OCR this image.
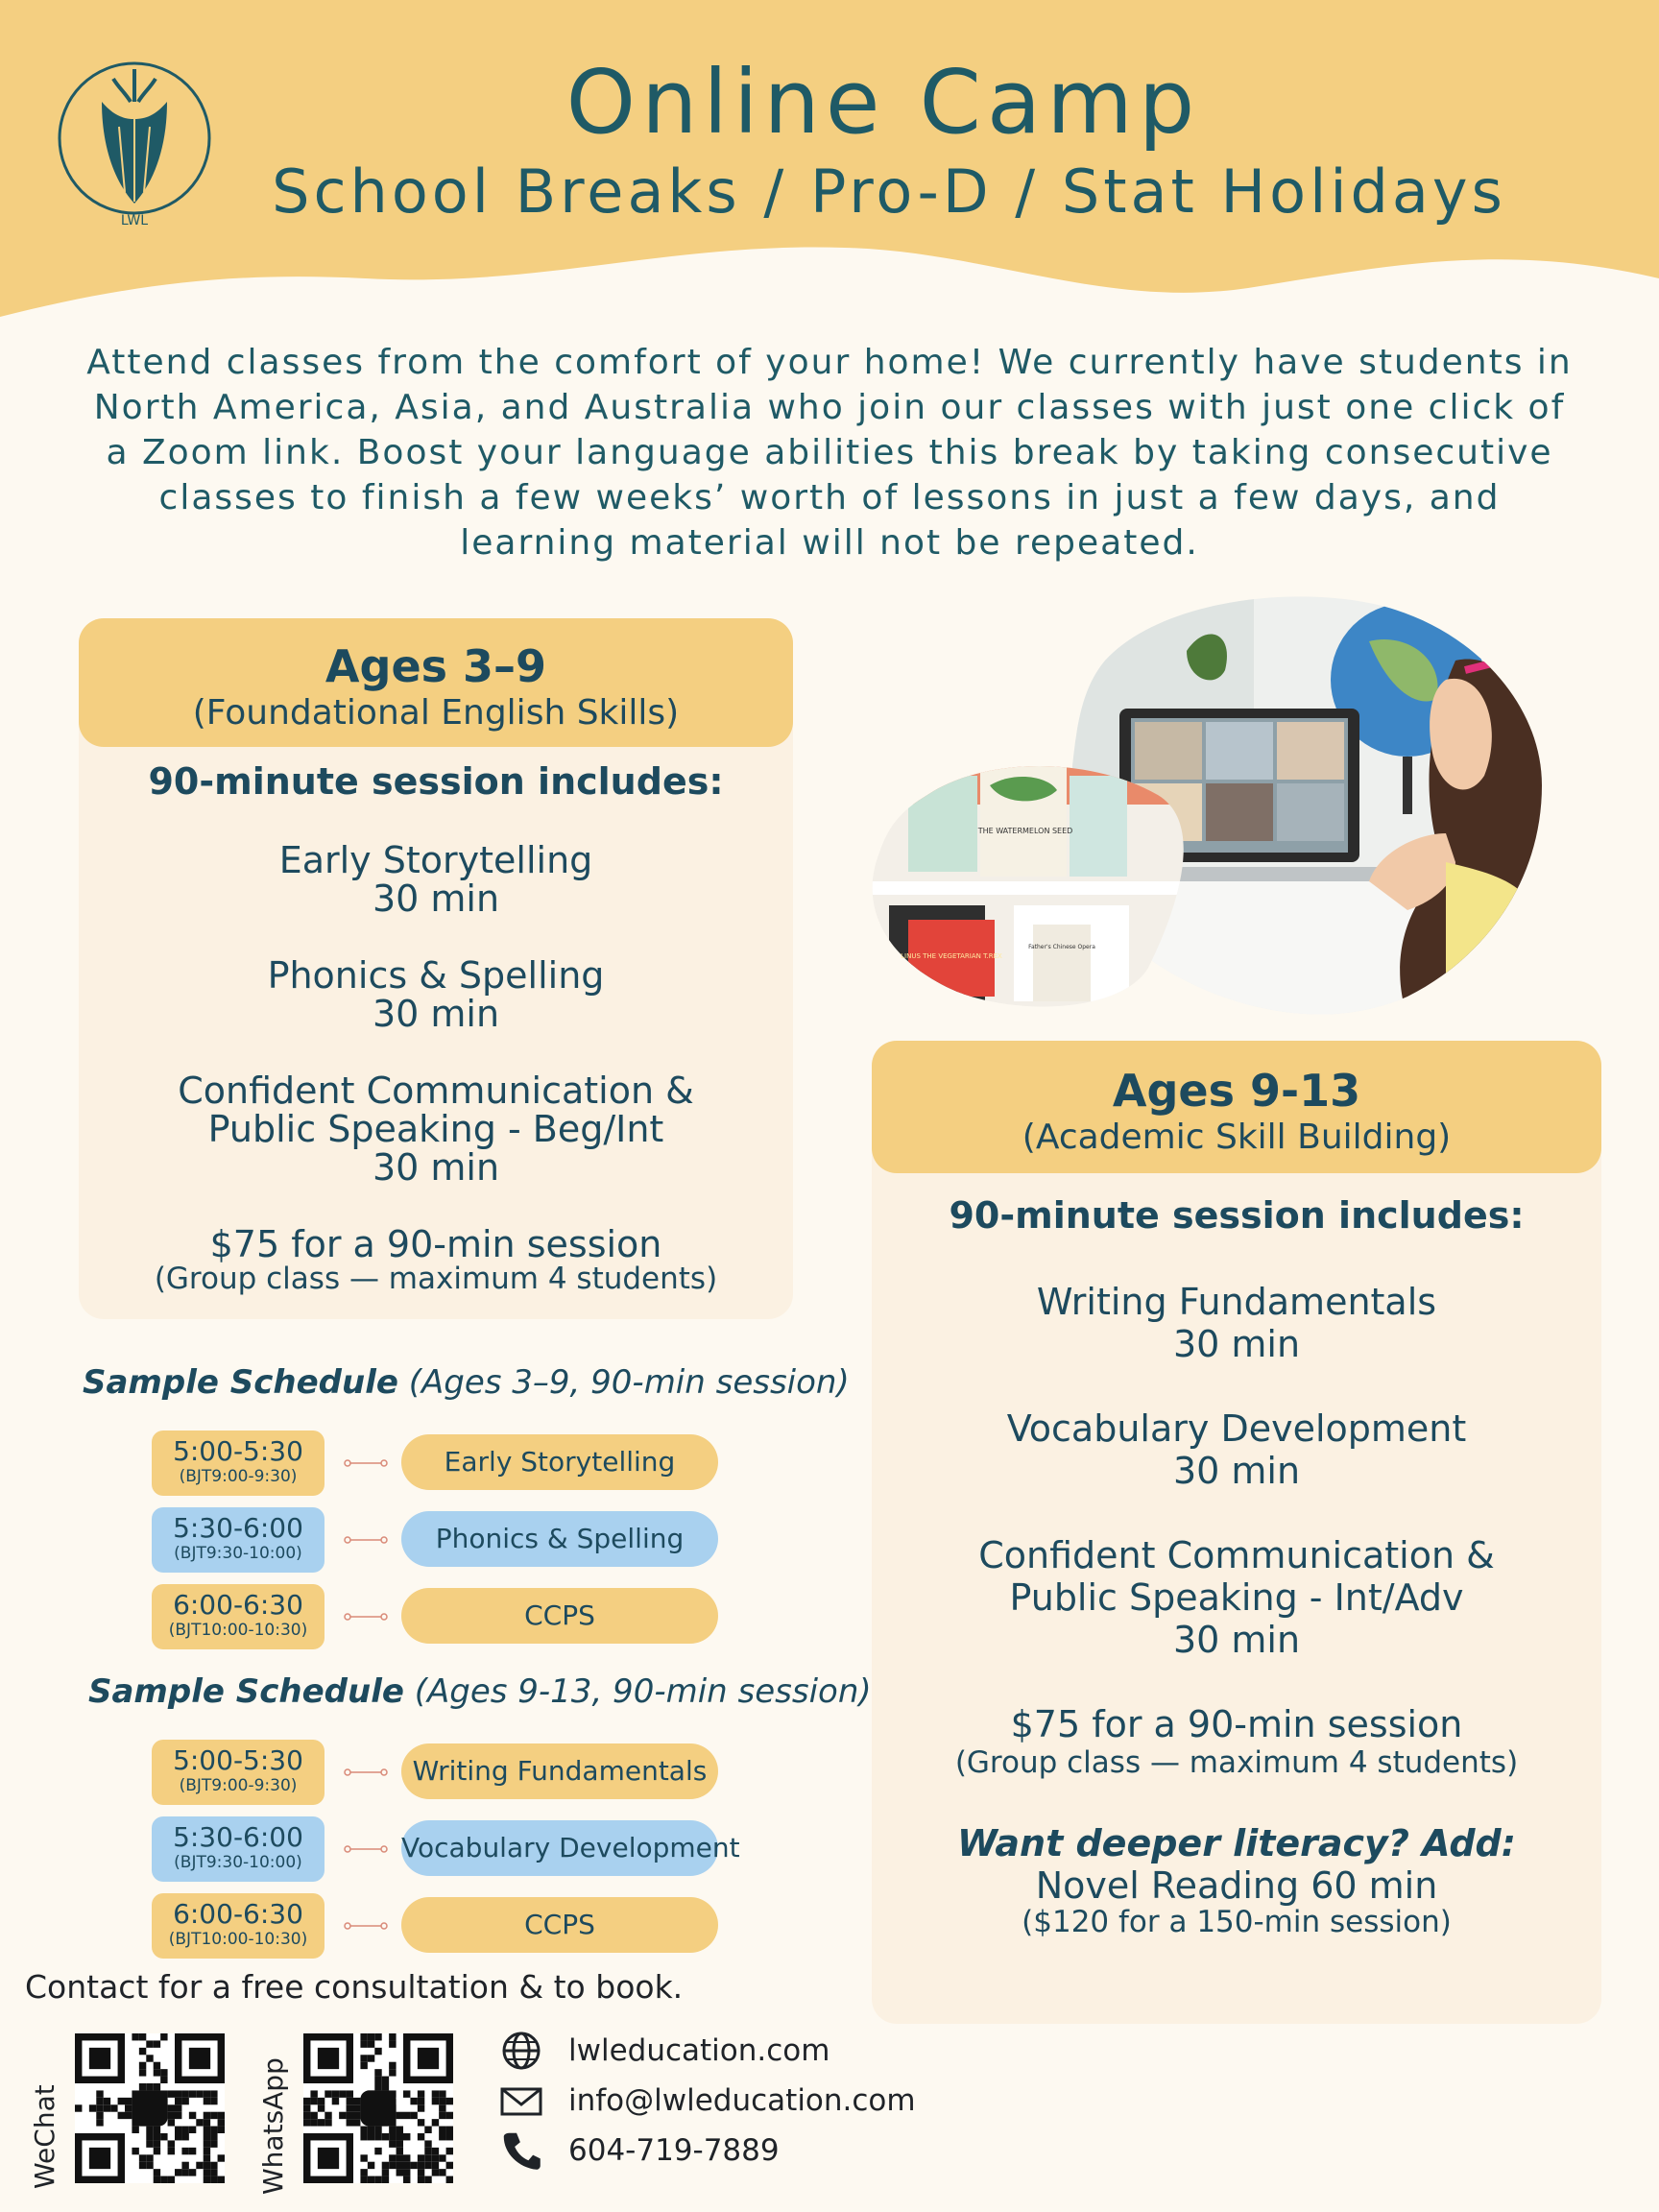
LWL
Online Camp
School Breaks / Pro-D / Stat Holidays
Attend classes from the comfort of your home! We currently have students in North America, Asia, and Australia who join our classes with just one click of a Zoom link. Boost your language abilities this break by taking consecutive classes to finish a few weeks’ worth of lessons in just a few days, and learning material will not be repeated.
Ages 3–9
(Foundational English Skills)
90-minute session includes:
Early Storytelling
30 min
Phonics & Spelling
30 min
Confident Communication &
Public Speaking - Beg/Int
30 min
$75 for a 90-min session
(Group class — maximum 4 students)
THE WATERMELON SEED
LINUS THE VEGETARIAN T.REX
Father's Chinese Opera
Ages 9-13
(Academic Skill Building)
90-minute session includes:
Writing Fundamentals
30 min
Vocabulary Development
30 min
Confident Communication &
Public Speaking - Int/Adv
30 min
$75 for a 90-min session
(Group class — maximum 4 students)
Want deeper literacy? Add:
Novel Reading 60 min
($120 for a 150-min session)
Sample Schedule (Ages 3–9, 90-min session)
5:00-5:30
(BJT9:00-9:30)	Early Storytelling
5:30-6:00
(BJT9:30-10:00)	Phonics & Spelling
6:00-6:30
(BJT10:00-10:30)	CCPS
Sample Schedule (Ages 9-13, 90-min session)
5:00-5:30
(BJT9:00-9:30)	Writing Fundamentals
5:30-6:00
(BJT9:30-10:00)	Vocabulary Development
6:00-6:30
(BJT10:00-10:30)	CCPS
Contact for a free consultation & to book.
WeChat	WhatsApp
lwleducation.com
info@lwleducation.com
604-719-7889
